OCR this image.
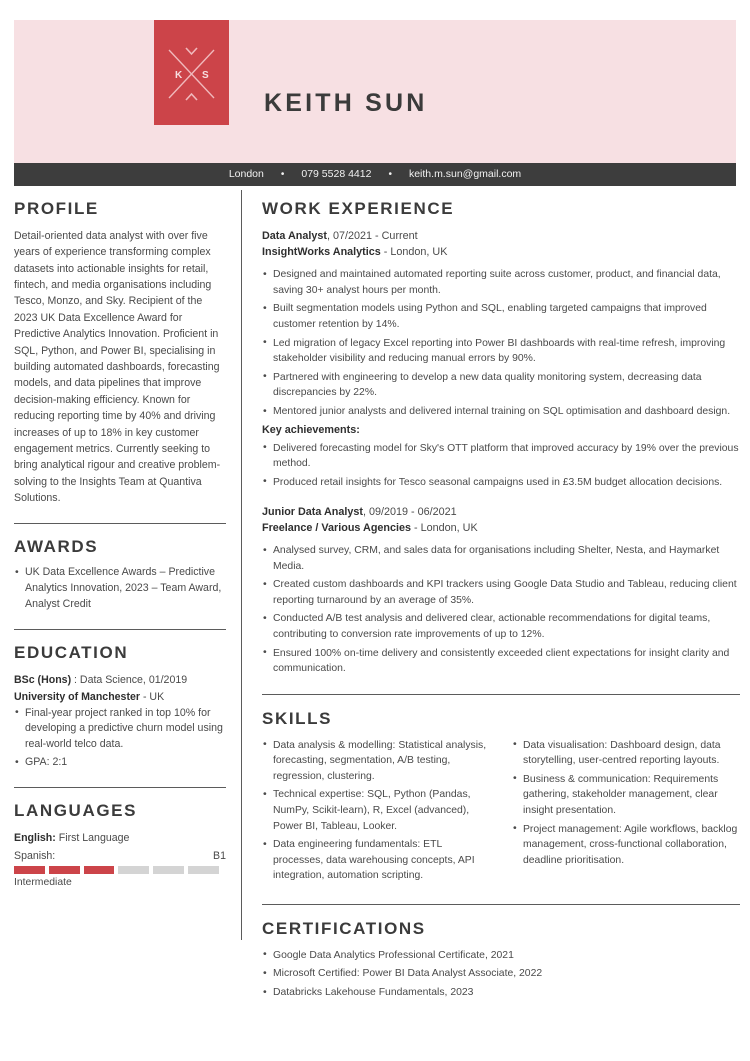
K S
KEITH SUN
London	•	079 5528 4412	•	keith.m.sun@gmail.com
PROFILE

Detail-oriented data analyst with over five years of experience transforming complex datasets into actionable insights for retail, fintech, and media organisations including Tesco, Monzo, and Sky. Recipient of the 2023 UK Data Excellence Award for Predictive Analytics Innovation. Proficient in SQL, Python, and Power BI, specialising in building automated dashboards, forecasting models, and data pipelines that improve decision-making efficiency. Known for reducing reporting time by 40% and driving increases of up to 18% in key customer engagement metrics. Currently seeking to bring analytical rigour and creative problem-solving to the Insights Team at Quantiva Solutions.

AWARDS
• UK Data Excellence Awards – Predictive Analytics Innovation, 2023 – Team Award, Analyst Credit
EDUCATION

BSc (Hons) : Data Science, 01/2019

University of Manchester - UK

• Final-year project ranked in top 10% for developing a predictive churn model using real-world telco data.
• GPA: 2:1
LANGUAGES

English: First Language

Spanish:	B1
Intermediate
WORK EXPERIENCE

Data Analyst, 07/2021 - Current

InsightWorks Analytics - London, UK

• Designed and maintained automated reporting suite across customer, product, and financial data, saving 30+ analyst hours per month.
• Built segmentation models using Python and SQL, enabling targeted campaigns that improved customer retention by 14%.
• Led migration of legacy Excel reporting into Power BI dashboards with real-time refresh, improving stakeholder visibility and reducing manual errors by 90%.
• Partnered with engineering to develop a new data quality monitoring system, decreasing data discrepancies by 22%.
• Mentored junior analysts and delivered internal training on SQL optimisation and dashboard design.
Key achievements:
• Delivered forecasting model for Sky's OTT platform that improved accuracy by 19% over the previous method.
• Produced retail insights for Tesco seasonal campaigns used in £3.5M budget allocation decisions.

Junior Data Analyst, 09/2019 - 06/2021

Freelance / Various Agencies - London, UK

• Analysed survey, CRM, and sales data for organisations including Shelter, Nesta, and Haymarket Media.
• Created custom dashboards and KPI trackers using Google Data Studio and Tableau, reducing client reporting turnaround by an average of 35%.
• Conducted A/B test analysis and delivered clear, actionable recommendations for digital teams, contributing to conversion rate improvements of up to 12%.
• Ensured 100% on-time delivery and consistently exceeded client expectations for insight clarity and communication.
SKILLS
• Data analysis & modelling: Statistical analysis, forecasting, segmentation, A/B testing, regression, clustering.
• Technical expertise: SQL, Python (Pandas, NumPy, Scikit-learn), R, Excel (advanced), Power BI, Tableau, Looker.
• Data engineering fundamentals: ETL processes, data warehousing concepts, API integration, automation scripting.
• Data visualisation: Dashboard design, data storytelling, user-centred reporting layouts.
• Business & communication: Requirements gathering, stakeholder management, clear insight presentation.
• Project management: Agile workflows, backlog management, cross-functional collaboration, deadline prioritisation.
CERTIFICATIONS
• Google Data Analytics Professional Certificate, 2021
• Microsoft Certified: Power BI Data Analyst Associate, 2022
• Databricks Lakehouse Fundamentals, 2023
